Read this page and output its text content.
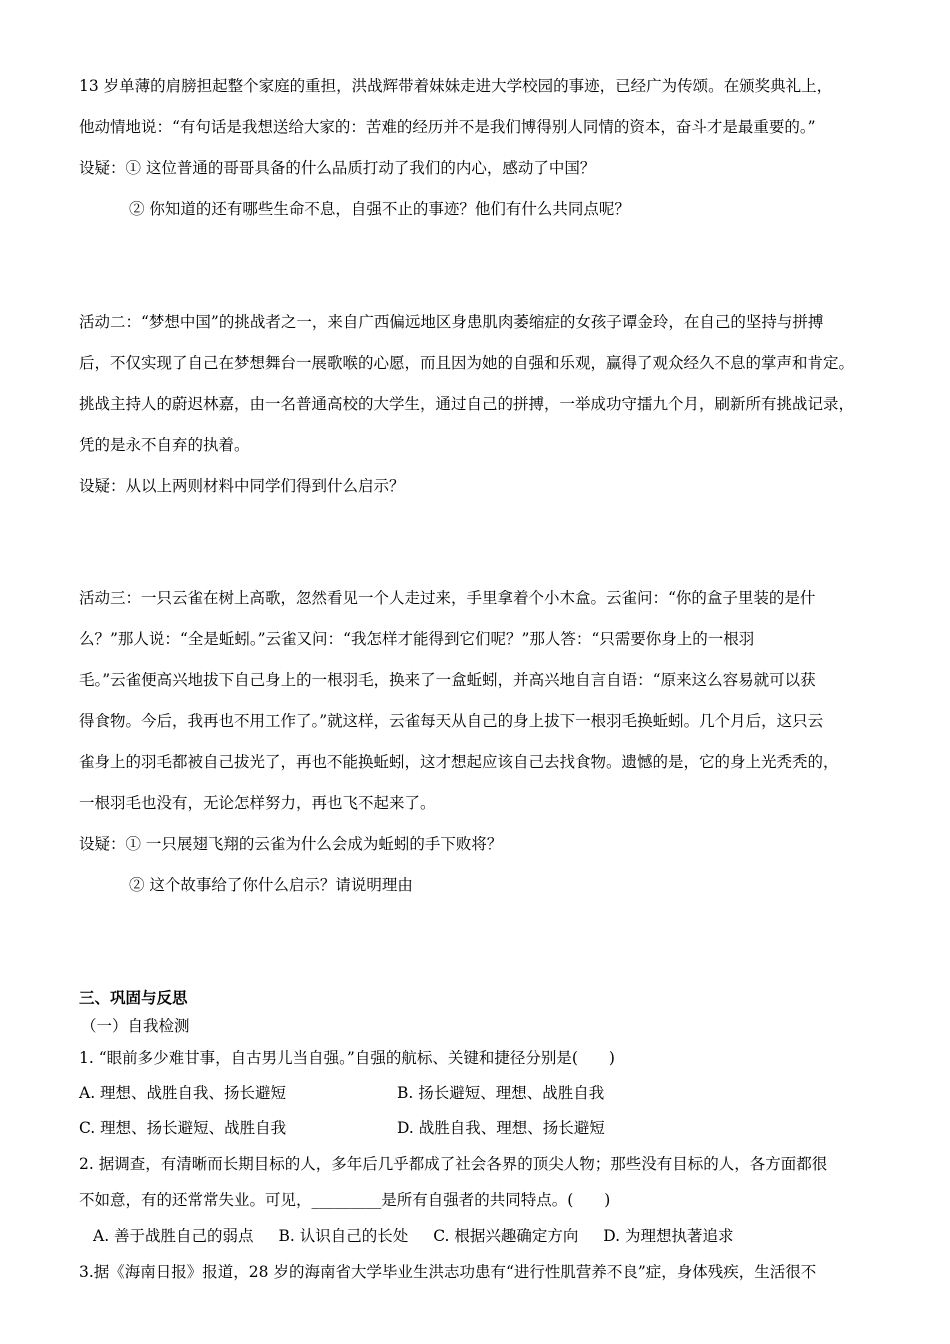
13 岁单薄的肩膀担起整个家庭的重担，洪战辉带着妹妹走进大学校园的事迹，已经广为传颂。在颁奖典礼上，
他动情地说：“有句话是我想送给大家的：苦难的经历并不是我们博得别人同情的资本，奋斗才是最重要的。”
设疑：① 这位普通的哥哥具备的什么品质打动了我们的内心，感动了中国？
② 你知道的还有哪些生命不息，自强不止的事迹？他们有什么共同点呢？
活动二：“梦想中国”的挑战者之一，来自广西偏远地区身患肌肉萎缩症的女孩子谭金玲，在自己的坚持与拼搏
后，不仅实现了自己在梦想舞台一展歌喉的心愿，而且因为她的自强和乐观，赢得了观众经久不息的掌声和肯定。
挑战主持人的蔚迟林嘉，由一名普通高校的大学生，通过自己的拼搏，一举成功守擂九个月，刷新所有挑战记录，
凭的是永不自弃的执着。
设疑：从以上两则材料中同学们得到什么启示？
活动三：一只云雀在树上高歌，忽然看见一个人走过来，手里拿着个小木盒。云雀问：“你的盒子里装的是什
么？”那人说：“全是蚯蚓。”云雀又问：“我怎样才能得到它们呢？”那人答：“只需要你身上的一根羽
毛。”云雀便高兴地拔下自己身上的一根羽毛，换来了一盒蚯蚓，并高兴地自言自语：“原来这么容易就可以获
得食物。今后，我再也不用工作了。”就这样，云雀每天从自己的身上拔下一根羽毛换蚯蚓。几个月后，这只云
雀身上的羽毛都被自己拔光了，再也不能换蚯蚓，这才想起应该自己去找食物。遗憾的是，它的身上光秃秃的，
一根羽毛也没有，无论怎样努力，再也飞不起来了。
设疑：① 一只展翅飞翔的云雀为什么会成为蚯蚓的手下败将？
② 这个故事给了你什么启示？请说明理由
三、巩固与反思
（一）自我检测
1. “眼前多少难甘事，自古男儿当自强。”自强的航标、关键和捷径分别是(　　)
A. 理想、战胜自我、扬长避短	B. 扬长避短、理想、战胜自我
C. 理想、扬长避短、战胜自我	D. 战胜自我、理想、扬长避短
2. 据调查，有清晰而长期目标的人，多年后几乎都成了社会各界的顶尖人物；那些没有目标的人，各方面都很
不如意，有的还常常失业。可见，_________是所有自强者的共同特点。(　　)
A. 善于战胜自己的弱点 B. 认识自己的长处 C. 根据兴趣确定方向 D. 为理想执著追求
3.据《海南日报》报道，28 岁的海南省大学毕业生洪志功患有“进行性肌营养不良”症，身体残疾，生活很不
